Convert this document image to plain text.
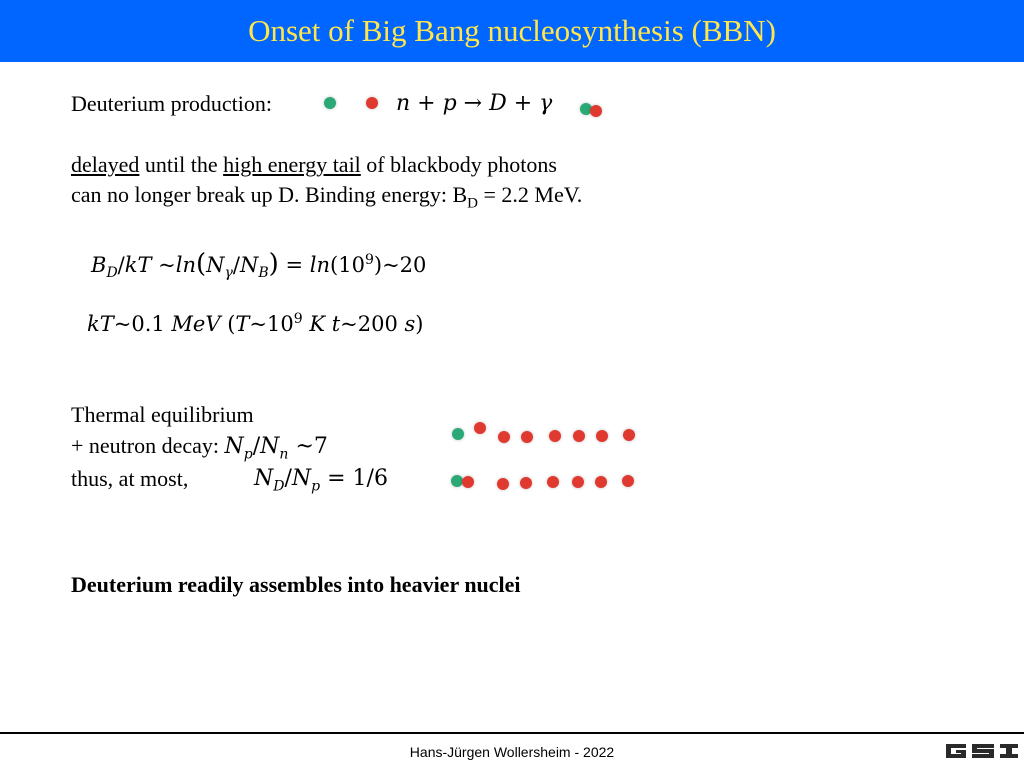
Onset of Big Bang nucleosynthesis (BBN)
Deuterium production:	n + p → D + γ
delayed until the high energy tail of blackbody photons
can no longer break up D. Binding energy: $B_D = 2.2$ MeV.
$B_D/kT$ $\sim\ln(N_\gamma/N_B)$ = $\ln(10^9)\sim 20$
kT~0.1 MeV ($T\sim 10^9$ K t~200 s)
Thermal equilibrium
+ neutron decay: $N_p/N_n$ ~7
thus, at most,	$N_D/N_p = 1/6$
Deuterium readily assembles into heavier nuclei
Hans-Jürgen Wollersheim - 2022
